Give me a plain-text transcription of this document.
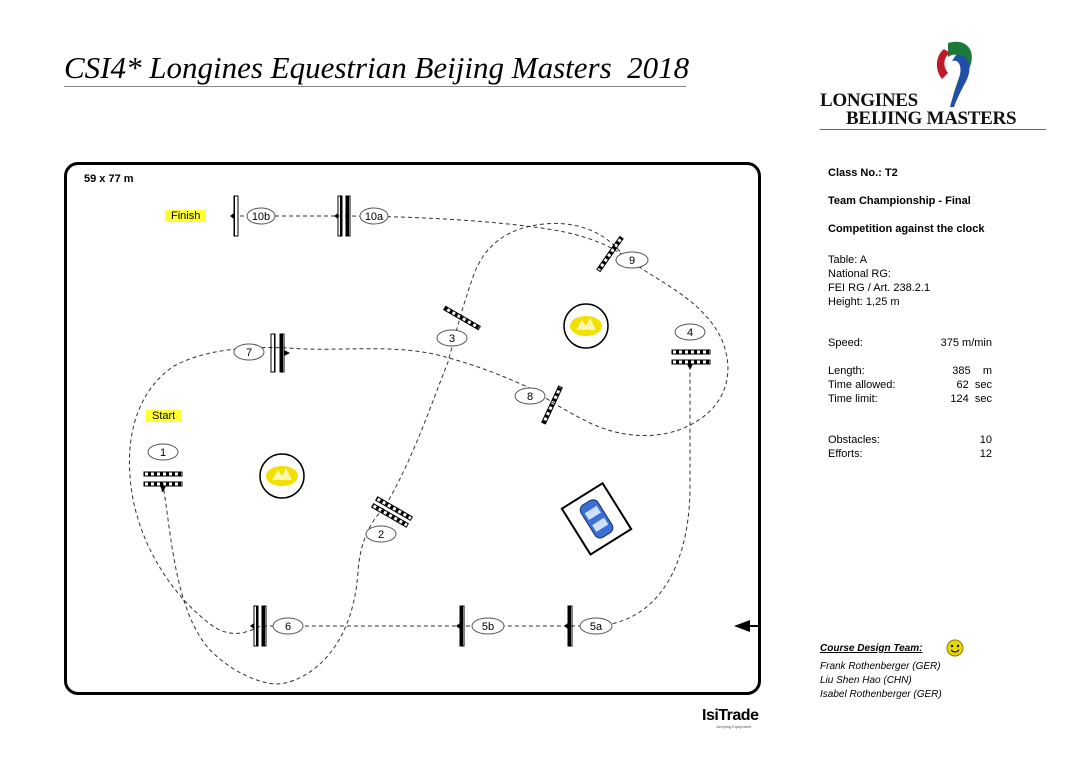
CSI4* Longines Equestrian Beijing Masters  2018
LONGINES
BEIJING MASTERS
10b	10a
9
3	4
7
8
1
2
6	5b	5a
59 x 77 m
Finish
Start
Class No.: T2
Team Championship - Final
Competition against the clock
Table: A
National RG:
FEI RG / Art. 238.2.1
Height: 1,25 m
Speed:	375 m/min
Length:	385    m
Time allowed:	62  sec
Time limit:	124  sec
Obstacles:	10
Efforts:	12
Course Design Team:
Frank Rothenberger (GER)
Liu Shen Hao (CHN)
Isabel Rothenberger (GER)
IsiTrade
Jumping Equipment
